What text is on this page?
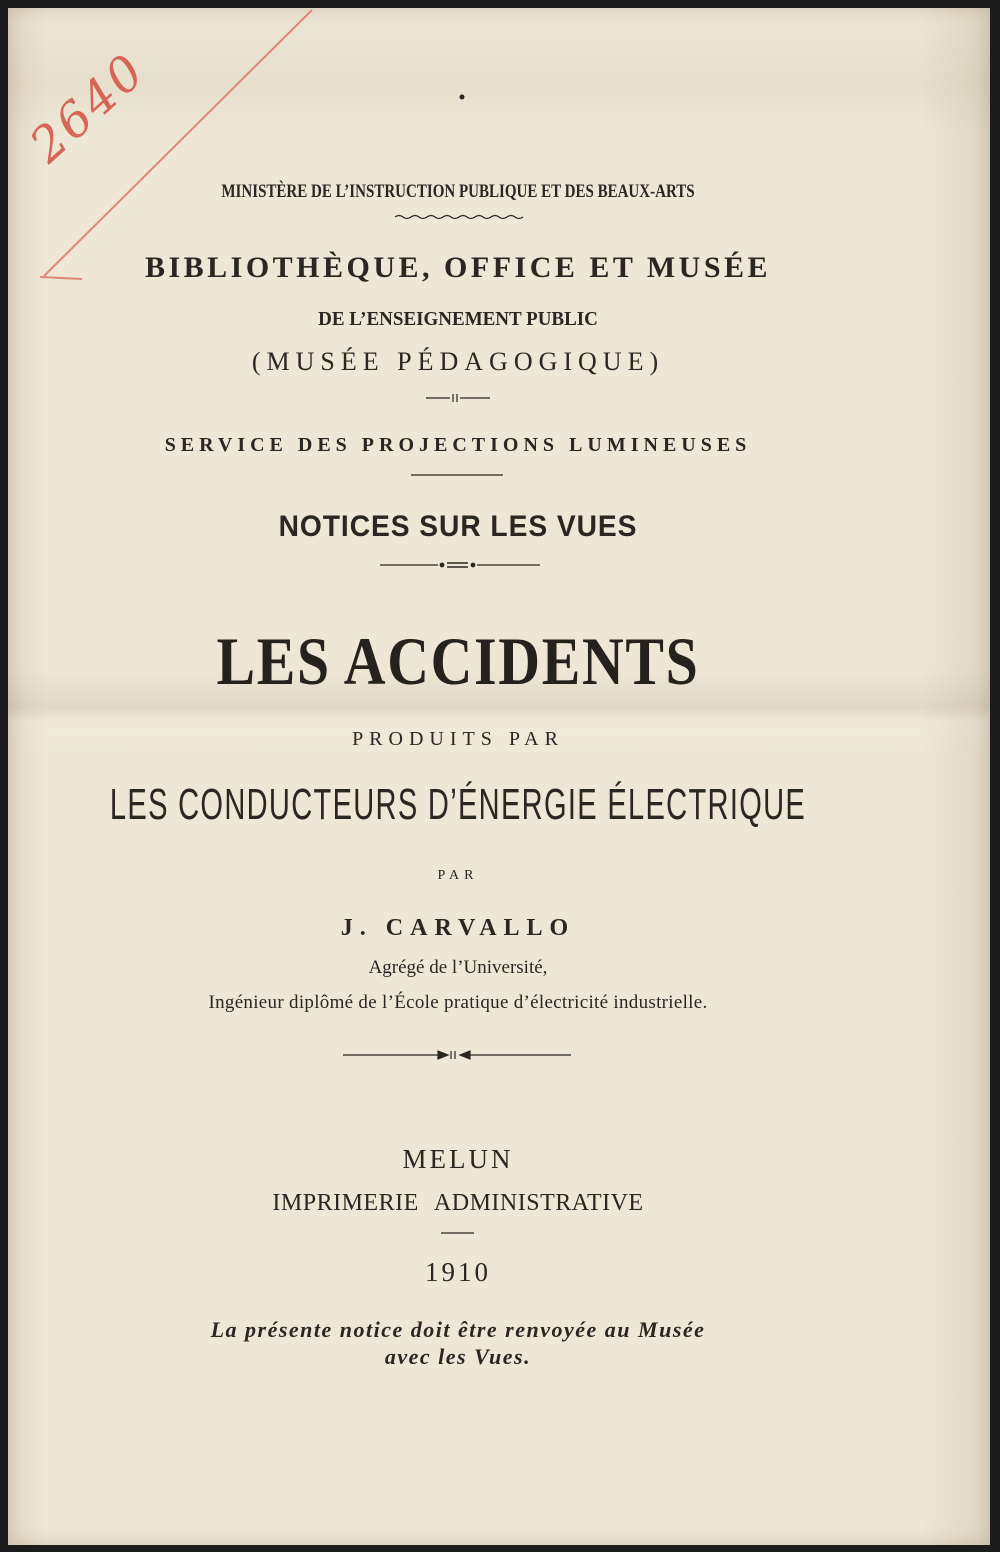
2640
MINISTÈRE DE L’INSTRUCTION PUBLIQUE ET DES BEAUX-ARTS
BIBLIOTHÈQUE, OFFICE ET MUSÉE
DE L’ENSEIGNEMENT PUBLIC
(MUSÉE PÉDAGOGIQUE)
SERVICE DES PROJECTIONS LUMINEUSES
NOTICES SUR LES VUES
LES ACCIDENTS
PRODUITS PAR
LES CONDUCTEURS D’ÉNERGIE ÉLECTRIQUE
PAR
J. CARVALLO
Agrégé de l’Université,
Ingénieur diplômé de l’École pratique d’électricité industrielle.
MELUN
IMPRIMERIE ADMINISTRATIVE
1910
La présente notice doit être renvoyée au Musée
avec les Vues.
